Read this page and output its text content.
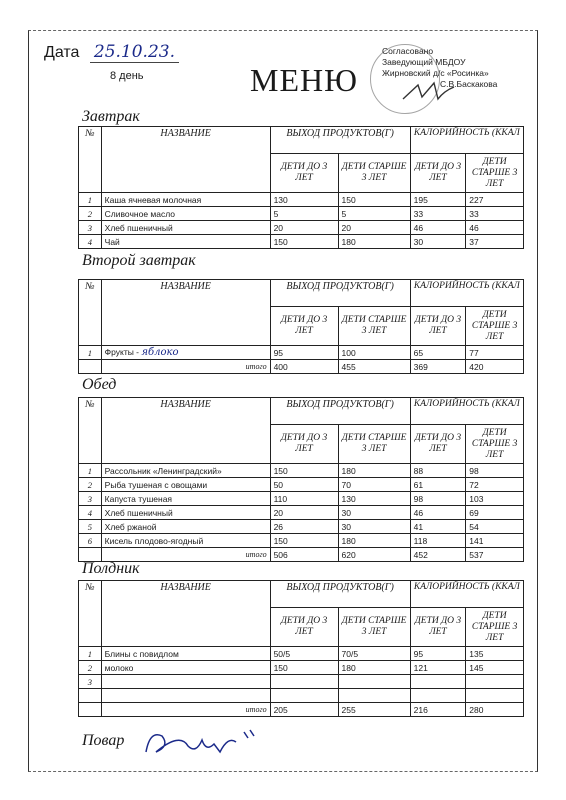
Дата 25.10.23.
8 день	МЕНЮ
Согласовано
Заведующий МБДОУ
Жирновский д/с «Росинка»
С.В.Баскакова
Завтрак
№	НАЗВАНИЕ	ВЫХОД ПРОДУКТОВ(Г)		КАЛОРИЙНОСТЬ (ККАЛ	
		ДЕТИ ДО 3 ЛЕТ	ДЕТИ СТАРШЕ 3 ЛЕТ	ДЕТИ ДО 3 ЛЕТ	ДЕТИ СТАРШЕ 3 ЛЕТ
1	Каша ячневая молочная	130	150	195	227
2	Сливочное масло	5	5	33	33
3	Хлеб пшеничный	20	20	46	46
4	Чай	150	180	30	37
Второй завтрак
№	НАЗВАНИЕ	ВЫХОД ПРОДУКТОВ(Г)		КАЛОРИЙНОСТЬ (ККАЛ	
		ДЕТИ ДО 3 ЛЕТ	ДЕТИ СТАРШЕ 3 ЛЕТ	ДЕТИ ДО 3 ЛЕТ	ДЕТИ СТАРШЕ 3 ЛЕТ
1	Фрукты - яблоко	95	100	65	77
	итого	400	455	369	420
Обед
№	НАЗВАНИЕ	ВЫХОД ПРОДУКТОВ(Г)		КАЛОРИЙНОСТЬ (ККАЛ	
		ДЕТИ ДО 3 ЛЕТ	ДЕТИ СТАРШЕ 3 ЛЕТ	ДЕТИ ДО 3 ЛЕТ	ДЕТИ СТАРШЕ 3 ЛЕТ
1	Рассольник «Ленинградский»	150	180	88	98
2	Рыба тушеная с овощами	50	70	61	72
3	Капуста тушеная	110	130	98	103
4	Хлеб пшеничный	20	30	46	69
5	Хлеб ржаной	26	30	41	54
6	Кисель плодово-ягодный	150	180	118	141
	итого	506	620	452	537
Полдник
№	НАЗВАНИЕ	ВЫХОД ПРОДУКТОВ(Г)		КАЛОРИЙНОСТЬ (ККАЛ	
		ДЕТИ ДО 3 ЛЕТ	ДЕТИ СТАРШЕ 3 ЛЕТ	ДЕТИ ДО 3 ЛЕТ	ДЕТИ СТАРШЕ 3 ЛЕТ
1	Блины с повидлом	50/5	70/5	95	135
2	молоко	150	180	121	145
3					

	итого	205	255	216	280
Повар
